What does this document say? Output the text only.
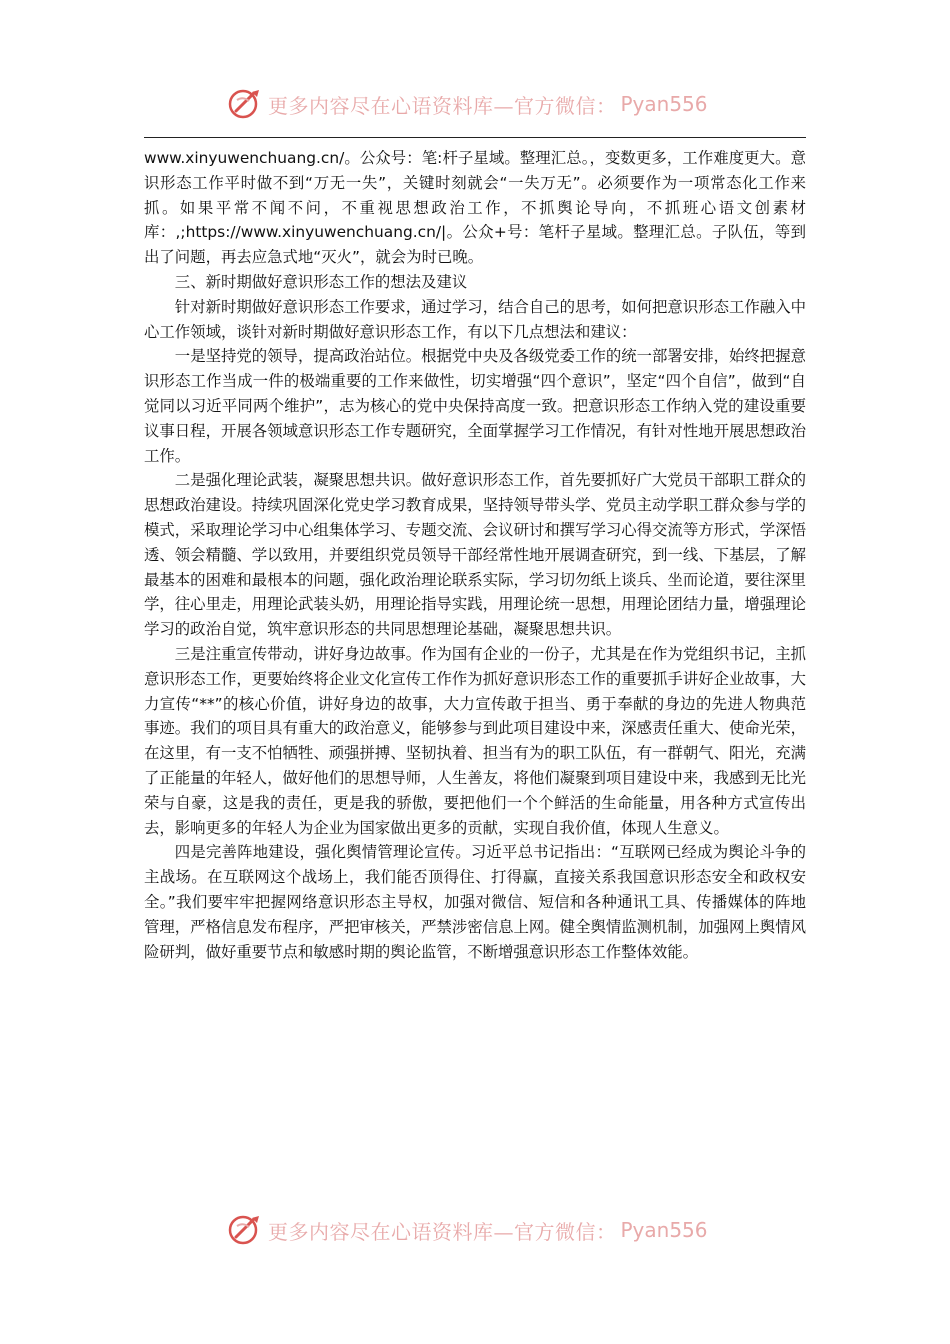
更多内容尽在心语资料库—官方微信： Pyan556

www.xinyuwenchuang.cn/。公众号：笔:杆子星域。整理汇总。，变数更多，工作难度更大。意识形态工作平时做不到“万无一失”，关键时刻就会“一失万无”。必须要作为一项常态化工作来抓。如果平常不闻不问，不重视思想政治工作，不抓舆论导向，不抓班心语文创素材库：,;https://www.xinyuwenchuang.cn/|。公众+号：笔杆子星域。整理汇总。子队伍，等到出了问题，再去应急式地“灭火”，就会为时已晚。

三、新时期做好意识形态工作的想法及建议

针对新时期做好意识形态工作要求，通过学习，结合自己的思考，如何把意识形态工作融入中心工作领域，谈针对新时期做好意识形态工作，有以下几点想法和建议：

一是坚持党的领导，提高政治站位。根据党中央及各级党委工作的统一部署安排，始终把握意识形态工作当成一件的极端重要的工作来做性，切实增强“四个意识”，坚定“四个自信”，做到“自觉同以习近平同两个维护”，志为核心的党中央保持高度一致。把意识形态工作纳入党的建设重要议事日程，开展各领域意识形态工作专题研究，全面掌握学习工作情况，有针对性地开展思想政治工作。

二是强化理论武装，凝聚思想共识。做好意识形态工作，首先要抓好广大党员干部职工群众的思想政治建设。持续巩固深化党史学习教育成果，坚持领导带头学、党员主动学职工群众参与学的模式，采取理论学习中心组集体学习、专题交流、会议研讨和撰写学习心得交流等方形式，学深悟透、领会精髓、学以致用，并要组织党员领导干部经常性地开展调查研究，到一线、下基层，了解最基本的困难和最根本的问题，强化政治理论联系实际，学习切勿纸上谈兵、坐而论道，要往深里学，往心里走，用理论武装头奶，用理论指导实践，用理论统一思想，用理论团结力量，增强理论学习的政治自觉，筑牢意识形态的共同思想理论基础，凝聚思想共识。

三是注重宣传带动，讲好身边故事。作为国有企业的一份子，尤其是在作为党组织书记，主抓意识形态工作，更要始终将企业文化宣传工作作为抓好意识形态工作的重要抓手讲好企业故事，大力宣传“**”的核心价值，讲好身边的故事，大力宣传敢于担当、勇于奉献的身边的先进人物典范事迹。我们的项目具有重大的政治意义，能够参与到此项目建设中来，深感责任重大、使命光荣，在这里，有一支不怕牺牲、顽强拼搏、坚韧执着、担当有为的职工队伍，有一群朝气、阳光，充满了正能量的年轻人，做好他们的思想导师，人生善友，将他们凝聚到项目建设中来，我感到无比光荣与自豪，这是我的责任，更是我的骄傲，要把他们一个个鲜活的生命能量，用各种方式宣传出去，影响更多的年轻人为企业为国家做出更多的贡献，实现自我价值，体现人生意义。

四是完善阵地建设，强化舆情管理论宣传。习近平总书记指出：“互联网已经成为舆论斗争的主战场。在互联网这个战场上，我们能否顶得住、打得赢，直接关系我国意识形态安全和政权安全。”我们要牢牢把握网络意识形态主导权，加强对微信、短信和各种通讯工具、传播媒体的阵地管理，严格信息发布程序，严把审核关，严禁涉密信息上网。健全舆情监测机制，加强网上舆情风险研判，做好重要节点和敏感时期的舆论监管，不断增强意识形态工作整体效能。

更多内容尽在心语资料库—官方微信： Pyan556
